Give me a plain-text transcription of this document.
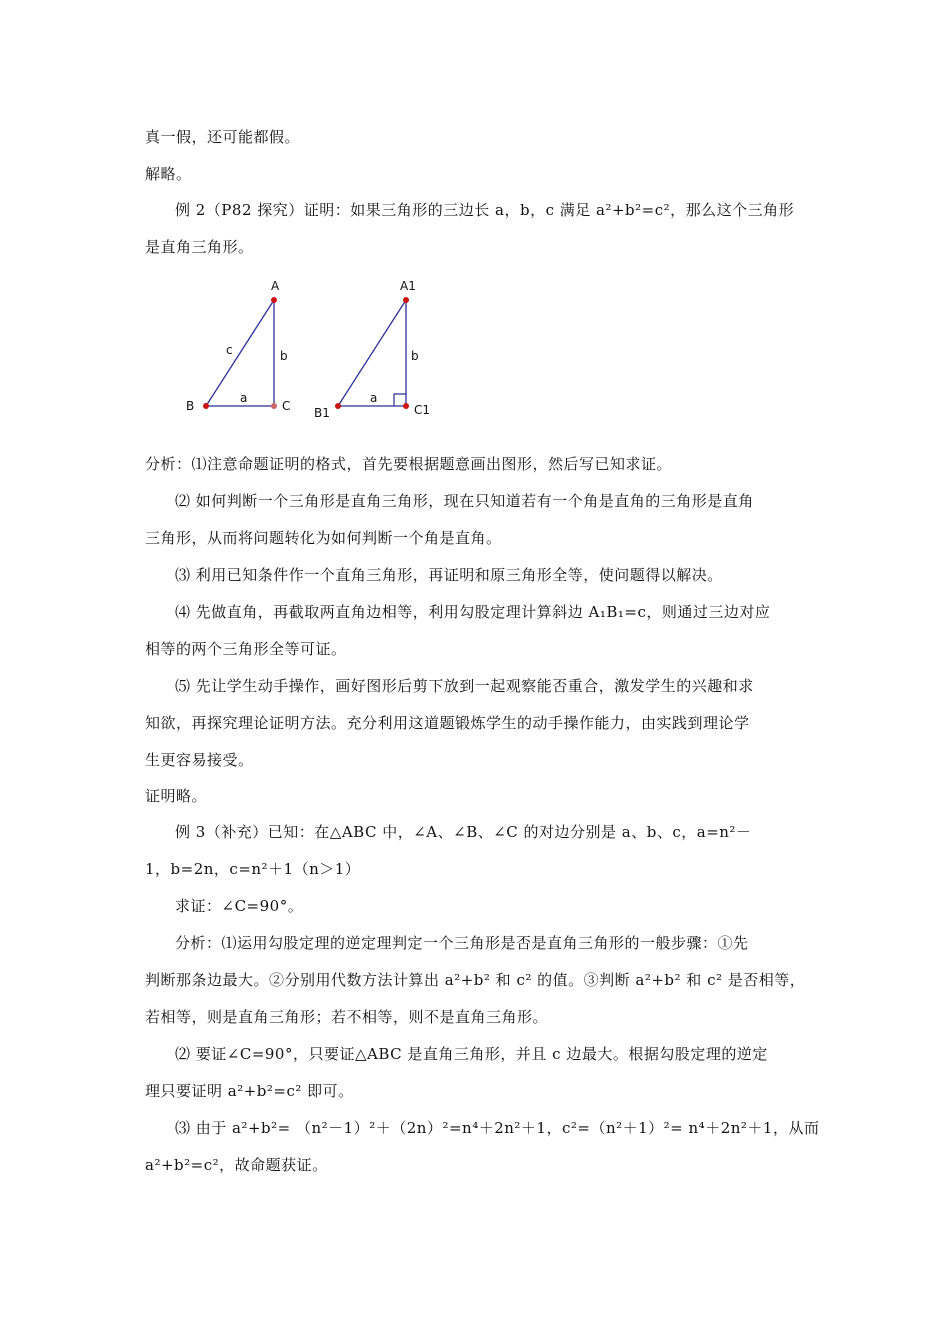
真一假，还可能都假。
解略。
例 2（P82 探究）证明：如果三角形的三边长 a，b，c 满足 a²+b²=c²，那么这个三角形
是直角三角形。
A
B	C
a
b
c
A1
B1	C1
a
b
分析：⑴注意命题证明的格式，首先要根据题意画出图形，然后写已知求证。
⑵ 如何判断一个三角形是直角三角形，现在只知道若有一个角是直角的三角形是直角
三角形，从而将问题转化为如何判断一个角是直角。
⑶ 利用已知条件作一个直角三角形，再证明和原三角形全等，使问题得以解决。
⑷ 先做直角，再截取两直角边相等，利用勾股定理计算斜边 A₁B₁=c，则通过三边对应
相等的两个三角形全等可证。
⑸ 先让学生动手操作，画好图形后剪下放到一起观察能否重合，激发学生的兴趣和求
知欲，再探究理论证明方法。充分利用这道题锻炼学生的动手操作能力，由实践到理论学
生更容易接受。
证明略。
例 3（补充）已知：在△ABC 中，∠A、∠B、∠C 的对边分别是 a、b、c，a=n²－
1，b=2n，c=n²＋1（n＞1）
求证：∠C=90°。
分析：⑴运用勾股定理的逆定理判定一个三角形是否是直角三角形的一般步骤：①先
判断那条边最大。②分别用代数方法计算出 a²+b² 和 c² 的值。③判断 a²+b² 和 c² 是否相等，
若相等，则是直角三角形；若不相等，则不是直角三角形。
⑵ 要证∠C=90°，只要证△ABC 是直角三角形，并且 c 边最大。根据勾股定理的逆定
理只要证明 a²+b²=c² 即可。
⑶ 由于 a²+b²= （n²－1）²＋（2n）²=n⁴＋2n²＋1，c²=（n²＋1）²= n⁴＋2n²＋1，从而
a²+b²=c²，故命题获证。
